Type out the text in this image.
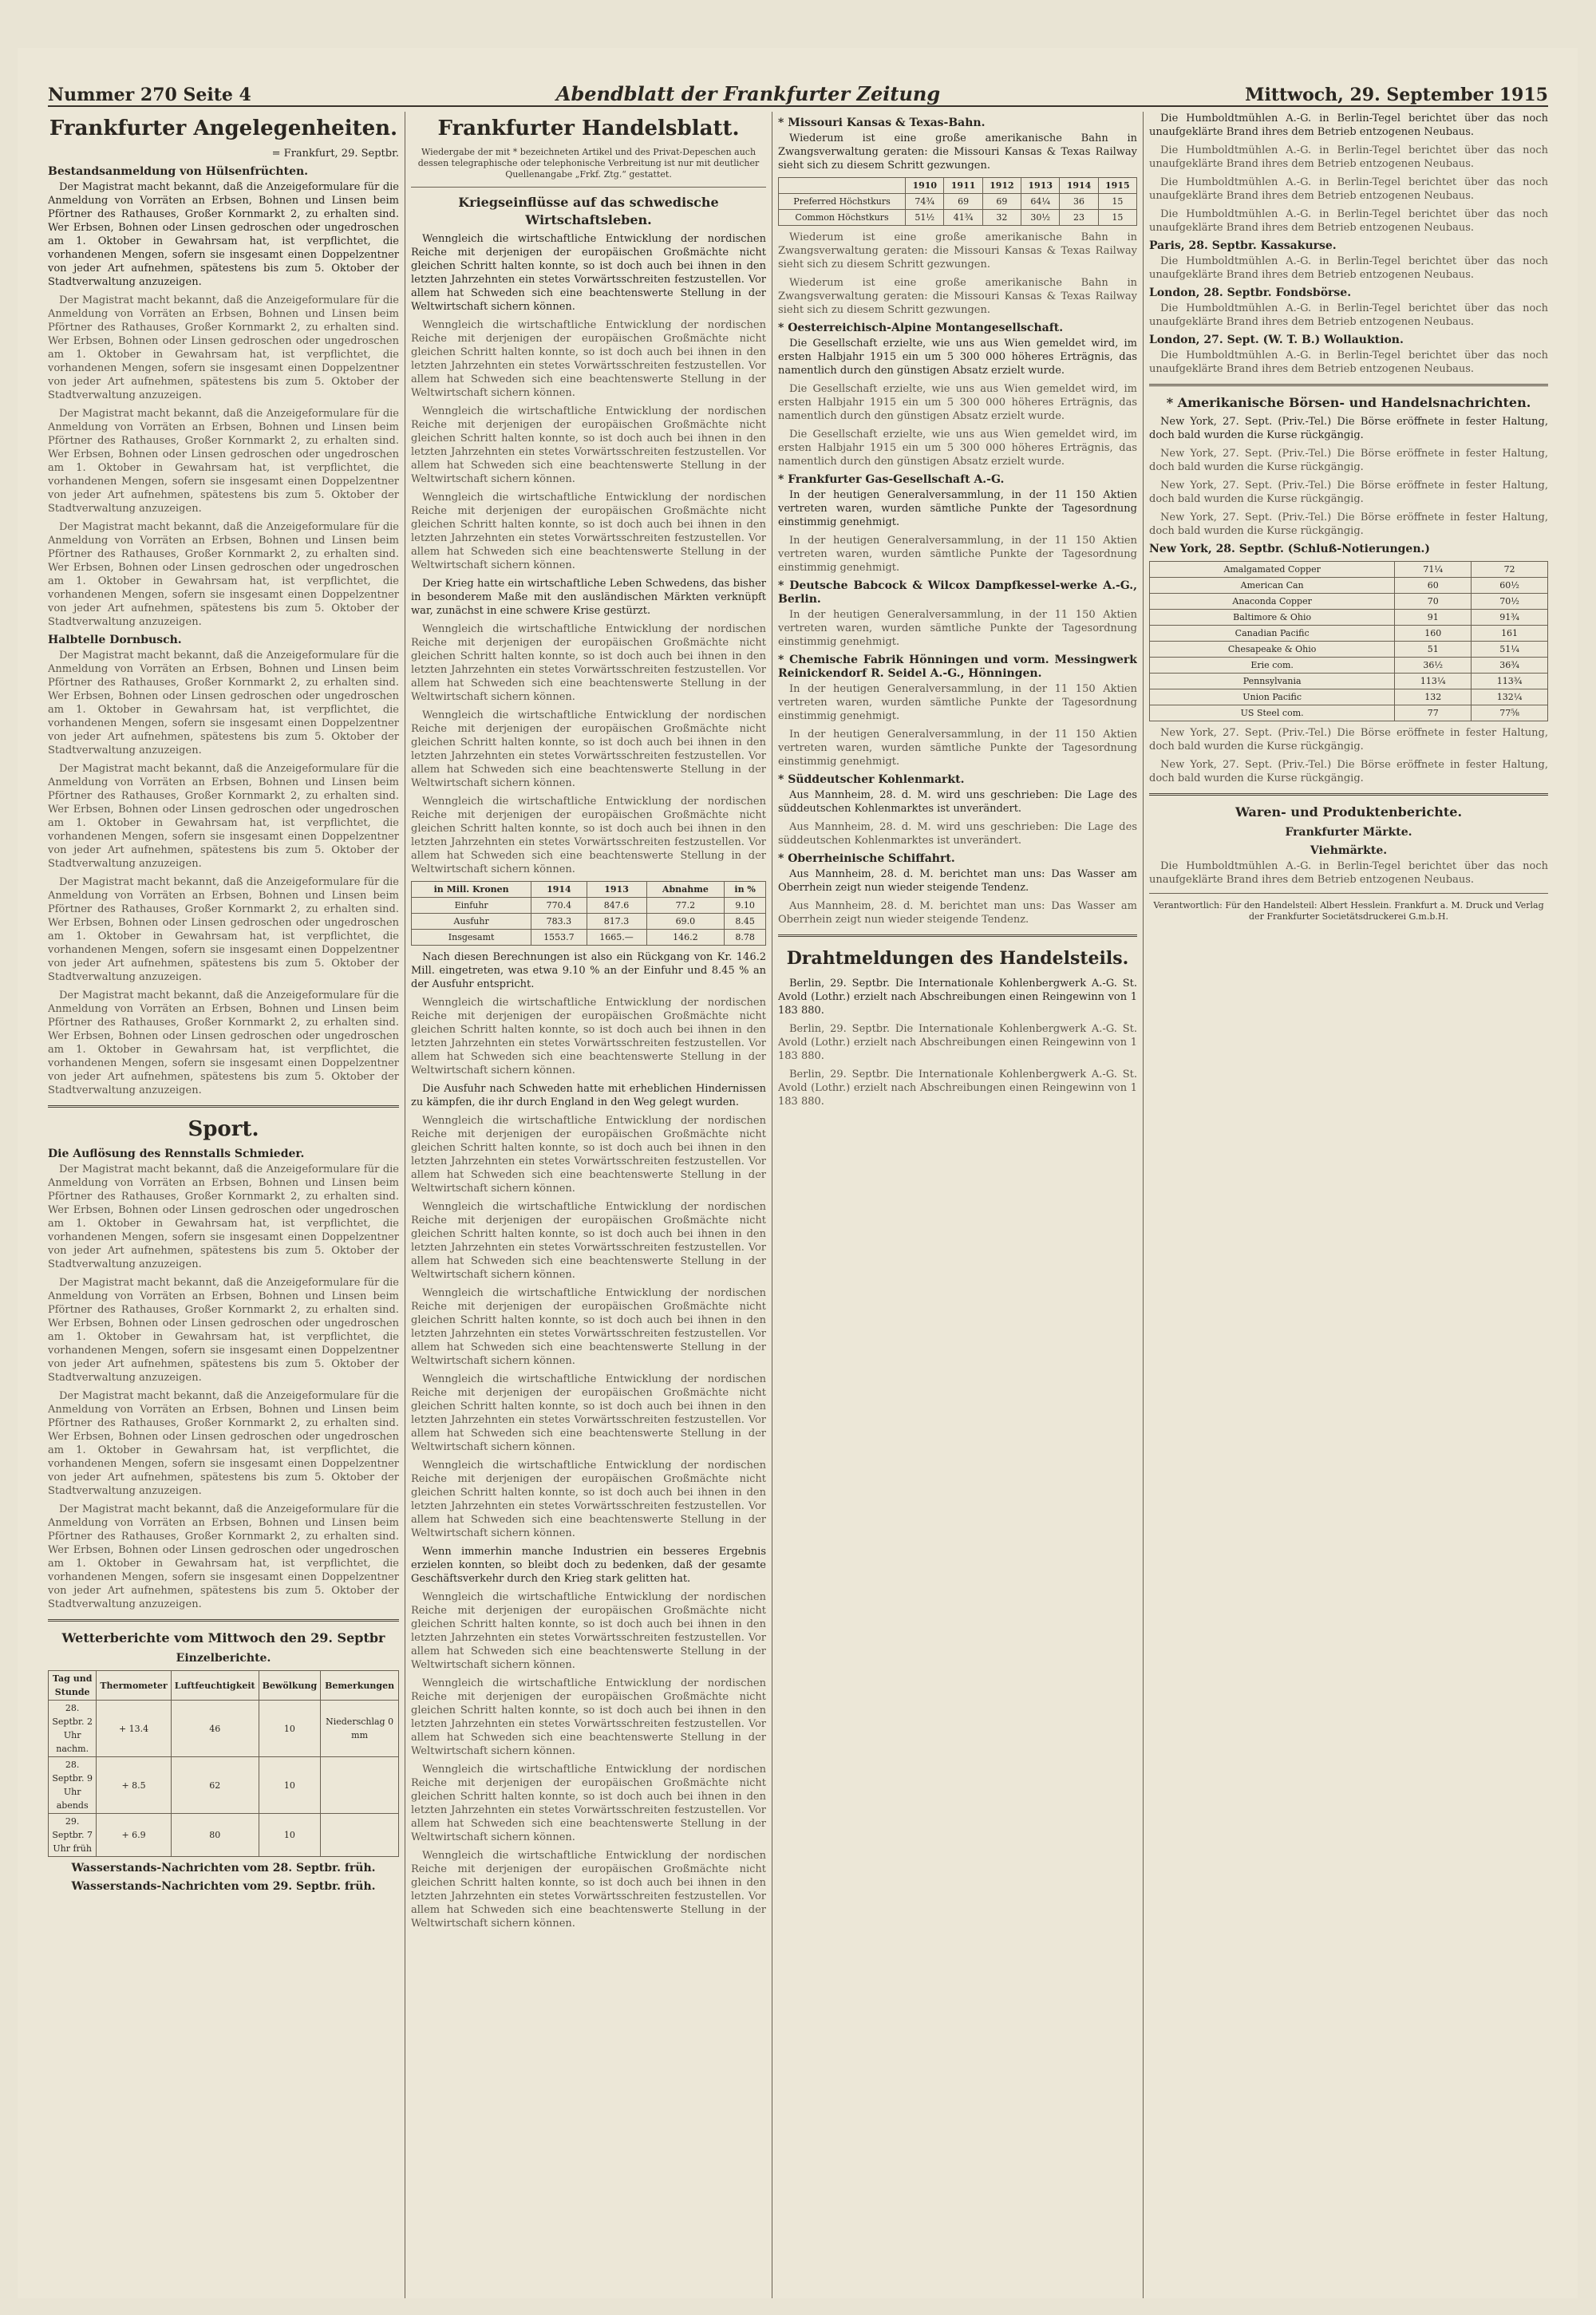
Nummer 270 Seite 4	Abendblatt der Frankfurter Zeitung	Mittwoch, 29. September 1915
Frankfurter Angelegenheiten.
= Frankfurt, 29. Septbr.
Bestandsanmeldung von Hülsenfrüchten.

Der Magistrat macht bekannt, daß die Anzeigeformulare für die Anmeldung von Vorräten an Erbsen, Bohnen und Linsen beim Pförtner des Rathauses, Großer Kornmarkt 2, zu erhalten sind. Wer Erbsen, Bohnen oder Linsen gedroschen oder ungedroschen am 1. Oktober in Gewahrsam hat, ist verpflichtet, die vorhandenen Mengen, sofern sie insgesamt einen Doppelzentner von jeder Art aufnehmen, spätestens bis zum 5. Oktober der Stadtverwaltung anzuzeigen.

Der Magistrat macht bekannt, daß die Anzeigeformulare für die Anmeldung von Vorräten an Erbsen, Bohnen und Linsen beim Pförtner des Rathauses, Großer Kornmarkt 2, zu erhalten sind. Wer Erbsen, Bohnen oder Linsen gedroschen oder ungedroschen am 1. Oktober in Gewahrsam hat, ist verpflichtet, die vorhandenen Mengen, sofern sie insgesamt einen Doppelzentner von jeder Art aufnehmen, spätestens bis zum 5. Oktober der Stadtverwaltung anzuzeigen.

Der Magistrat macht bekannt, daß die Anzeigeformulare für die Anmeldung von Vorräten an Erbsen, Bohnen und Linsen beim Pförtner des Rathauses, Großer Kornmarkt 2, zu erhalten sind. Wer Erbsen, Bohnen oder Linsen gedroschen oder ungedroschen am 1. Oktober in Gewahrsam hat, ist verpflichtet, die vorhandenen Mengen, sofern sie insgesamt einen Doppelzentner von jeder Art aufnehmen, spätestens bis zum 5. Oktober der Stadtverwaltung anzuzeigen.

Der Magistrat macht bekannt, daß die Anzeigeformulare für die Anmeldung von Vorräten an Erbsen, Bohnen und Linsen beim Pförtner des Rathauses, Großer Kornmarkt 2, zu erhalten sind. Wer Erbsen, Bohnen oder Linsen gedroschen oder ungedroschen am 1. Oktober in Gewahrsam hat, ist verpflichtet, die vorhandenen Mengen, sofern sie insgesamt einen Doppelzentner von jeder Art aufnehmen, spätestens bis zum 5. Oktober der Stadtverwaltung anzuzeigen.

Halbtelle Dornbusch.

Der Magistrat macht bekannt, daß die Anzeigeformulare für die Anmeldung von Vorräten an Erbsen, Bohnen und Linsen beim Pförtner des Rathauses, Großer Kornmarkt 2, zu erhalten sind. Wer Erbsen, Bohnen oder Linsen gedroschen oder ungedroschen am 1. Oktober in Gewahrsam hat, ist verpflichtet, die vorhandenen Mengen, sofern sie insgesamt einen Doppelzentner von jeder Art aufnehmen, spätestens bis zum 5. Oktober der Stadtverwaltung anzuzeigen.

Der Magistrat macht bekannt, daß die Anzeigeformulare für die Anmeldung von Vorräten an Erbsen, Bohnen und Linsen beim Pförtner des Rathauses, Großer Kornmarkt 2, zu erhalten sind. Wer Erbsen, Bohnen oder Linsen gedroschen oder ungedroschen am 1. Oktober in Gewahrsam hat, ist verpflichtet, die vorhandenen Mengen, sofern sie insgesamt einen Doppelzentner von jeder Art aufnehmen, spätestens bis zum 5. Oktober der Stadtverwaltung anzuzeigen.

Der Magistrat macht bekannt, daß die Anzeigeformulare für die Anmeldung von Vorräten an Erbsen, Bohnen und Linsen beim Pförtner des Rathauses, Großer Kornmarkt 2, zu erhalten sind. Wer Erbsen, Bohnen oder Linsen gedroschen oder ungedroschen am 1. Oktober in Gewahrsam hat, ist verpflichtet, die vorhandenen Mengen, sofern sie insgesamt einen Doppelzentner von jeder Art aufnehmen, spätestens bis zum 5. Oktober der Stadtverwaltung anzuzeigen.

Der Magistrat macht bekannt, daß die Anzeigeformulare für die Anmeldung von Vorräten an Erbsen, Bohnen und Linsen beim Pförtner des Rathauses, Großer Kornmarkt 2, zu erhalten sind. Wer Erbsen, Bohnen oder Linsen gedroschen oder ungedroschen am 1. Oktober in Gewahrsam hat, ist verpflichtet, die vorhandenen Mengen, sofern sie insgesamt einen Doppelzentner von jeder Art aufnehmen, spätestens bis zum 5. Oktober der Stadtverwaltung anzuzeigen.

Sport.
Die Auflösung des Rennstalls Schmieder.

Der Magistrat macht bekannt, daß die Anzeigeformulare für die Anmeldung von Vorräten an Erbsen, Bohnen und Linsen beim Pförtner des Rathauses, Großer Kornmarkt 2, zu erhalten sind. Wer Erbsen, Bohnen oder Linsen gedroschen oder ungedroschen am 1. Oktober in Gewahrsam hat, ist verpflichtet, die vorhandenen Mengen, sofern sie insgesamt einen Doppelzentner von jeder Art aufnehmen, spätestens bis zum 5. Oktober der Stadtverwaltung anzuzeigen.

Der Magistrat macht bekannt, daß die Anzeigeformulare für die Anmeldung von Vorräten an Erbsen, Bohnen und Linsen beim Pförtner des Rathauses, Großer Kornmarkt 2, zu erhalten sind. Wer Erbsen, Bohnen oder Linsen gedroschen oder ungedroschen am 1. Oktober in Gewahrsam hat, ist verpflichtet, die vorhandenen Mengen, sofern sie insgesamt einen Doppelzentner von jeder Art aufnehmen, spätestens bis zum 5. Oktober der Stadtverwaltung anzuzeigen.

Der Magistrat macht bekannt, daß die Anzeigeformulare für die Anmeldung von Vorräten an Erbsen, Bohnen und Linsen beim Pförtner des Rathauses, Großer Kornmarkt 2, zu erhalten sind. Wer Erbsen, Bohnen oder Linsen gedroschen oder ungedroschen am 1. Oktober in Gewahrsam hat, ist verpflichtet, die vorhandenen Mengen, sofern sie insgesamt einen Doppelzentner von jeder Art aufnehmen, spätestens bis zum 5. Oktober der Stadtverwaltung anzuzeigen.

Der Magistrat macht bekannt, daß die Anzeigeformulare für die Anmeldung von Vorräten an Erbsen, Bohnen und Linsen beim Pförtner des Rathauses, Großer Kornmarkt 2, zu erhalten sind. Wer Erbsen, Bohnen oder Linsen gedroschen oder ungedroschen am 1. Oktober in Gewahrsam hat, ist verpflichtet, die vorhandenen Mengen, sofern sie insgesamt einen Doppelzentner von jeder Art aufnehmen, spätestens bis zum 5. Oktober der Stadtverwaltung anzuzeigen.

Wetterberichte vom Mittwoch den 29. Septbr
Einzelberichte.
Tag und Stunde	Thermometer	Luftfeuchtigkeit	Bewölkung	Bemerkungen
28. Septbr. 2 Uhr nachm.	+ 13.4	46	10	Niederschlag 0 mm
28. Septbr. 9 Uhr abends	+ 8.5	62	10	
29. Septbr. 7 Uhr früh	+ 6.9	80	10	
Wasserstands-Nachrichten vom 28. Septbr. früh.
Wasserstands-Nachrichten vom 29. Septbr. früh.
Frankfurter Handelsblatt.
Wiedergabe der mit * bezeichneten Artikel und des Privat-Depeschen auch dessen telegraphische oder telephonische Verbreitung ist nur mit deutlicher Quellenangabe „Frkf. Ztg.“ gestattet.
Kriegseinflüsse auf das schwedische Wirtschaftsleben.

Wenngleich die wirtschaftliche Entwicklung der nordischen Reiche mit derjenigen der europäischen Großmächte nicht gleichen Schritt halten konnte, so ist doch auch bei ihnen in den letzten Jahrzehnten ein stetes Vorwärtsschreiten festzustellen. Vor allem hat Schweden sich eine beachtenswerte Stellung in der Weltwirtschaft sichern können.

Wenngleich die wirtschaftliche Entwicklung der nordischen Reiche mit derjenigen der europäischen Großmächte nicht gleichen Schritt halten konnte, so ist doch auch bei ihnen in den letzten Jahrzehnten ein stetes Vorwärtsschreiten festzustellen. Vor allem hat Schweden sich eine beachtenswerte Stellung in der Weltwirtschaft sichern können.

Wenngleich die wirtschaftliche Entwicklung der nordischen Reiche mit derjenigen der europäischen Großmächte nicht gleichen Schritt halten konnte, so ist doch auch bei ihnen in den letzten Jahrzehnten ein stetes Vorwärtsschreiten festzustellen. Vor allem hat Schweden sich eine beachtenswerte Stellung in der Weltwirtschaft sichern können.

Wenngleich die wirtschaftliche Entwicklung der nordischen Reiche mit derjenigen der europäischen Großmächte nicht gleichen Schritt halten konnte, so ist doch auch bei ihnen in den letzten Jahrzehnten ein stetes Vorwärtsschreiten festzustellen. Vor allem hat Schweden sich eine beachtenswerte Stellung in der Weltwirtschaft sichern können.

Der Krieg hatte ein wirtschaftliche Leben Schwedens, das bisher in besonderem Maße mit den ausländischen Märkten verknüpft war, zunächst in eine schwere Krise gestürzt.

Wenngleich die wirtschaftliche Entwicklung der nordischen Reiche mit derjenigen der europäischen Großmächte nicht gleichen Schritt halten konnte, so ist doch auch bei ihnen in den letzten Jahrzehnten ein stetes Vorwärtsschreiten festzustellen. Vor allem hat Schweden sich eine beachtenswerte Stellung in der Weltwirtschaft sichern können.

Wenngleich die wirtschaftliche Entwicklung der nordischen Reiche mit derjenigen der europäischen Großmächte nicht gleichen Schritt halten konnte, so ist doch auch bei ihnen in den letzten Jahrzehnten ein stetes Vorwärtsschreiten festzustellen. Vor allem hat Schweden sich eine beachtenswerte Stellung in der Weltwirtschaft sichern können.

Wenngleich die wirtschaftliche Entwicklung der nordischen Reiche mit derjenigen der europäischen Großmächte nicht gleichen Schritt halten konnte, so ist doch auch bei ihnen in den letzten Jahrzehnten ein stetes Vorwärtsschreiten festzustellen. Vor allem hat Schweden sich eine beachtenswerte Stellung in der Weltwirtschaft sichern können.

in Mill. Kronen	1914	1913	Abnahme	in %
Einfuhr	770.4	847.6	77.2	9.10
Ausfuhr	783.3	817.3	69.0	8.45
Insgesamt	1553.7	1665.—	146.2	8.78

Nach diesen Berechnungen ist also ein Rückgang von Kr. 146.2 Mill. eingetreten, was etwa 9.10 % an der Einfuhr und 8.45 % an der Ausfuhr entspricht.

Wenngleich die wirtschaftliche Entwicklung der nordischen Reiche mit derjenigen der europäischen Großmächte nicht gleichen Schritt halten konnte, so ist doch auch bei ihnen in den letzten Jahrzehnten ein stetes Vorwärtsschreiten festzustellen. Vor allem hat Schweden sich eine beachtenswerte Stellung in der Weltwirtschaft sichern können.

Die Ausfuhr nach Schweden hatte mit erheblichen Hindernissen zu kämpfen, die ihr durch England in den Weg gelegt wurden.

Wenngleich die wirtschaftliche Entwicklung der nordischen Reiche mit derjenigen der europäischen Großmächte nicht gleichen Schritt halten konnte, so ist doch auch bei ihnen in den letzten Jahrzehnten ein stetes Vorwärtsschreiten festzustellen. Vor allem hat Schweden sich eine beachtenswerte Stellung in der Weltwirtschaft sichern können.

Wenngleich die wirtschaftliche Entwicklung der nordischen Reiche mit derjenigen der europäischen Großmächte nicht gleichen Schritt halten konnte, so ist doch auch bei ihnen in den letzten Jahrzehnten ein stetes Vorwärtsschreiten festzustellen. Vor allem hat Schweden sich eine beachtenswerte Stellung in der Weltwirtschaft sichern können.

Wenngleich die wirtschaftliche Entwicklung der nordischen Reiche mit derjenigen der europäischen Großmächte nicht gleichen Schritt halten konnte, so ist doch auch bei ihnen in den letzten Jahrzehnten ein stetes Vorwärtsschreiten festzustellen. Vor allem hat Schweden sich eine beachtenswerte Stellung in der Weltwirtschaft sichern können.

Wenngleich die wirtschaftliche Entwicklung der nordischen Reiche mit derjenigen der europäischen Großmächte nicht gleichen Schritt halten konnte, so ist doch auch bei ihnen in den letzten Jahrzehnten ein stetes Vorwärtsschreiten festzustellen. Vor allem hat Schweden sich eine beachtenswerte Stellung in der Weltwirtschaft sichern können.

Wenngleich die wirtschaftliche Entwicklung der nordischen Reiche mit derjenigen der europäischen Großmächte nicht gleichen Schritt halten konnte, so ist doch auch bei ihnen in den letzten Jahrzehnten ein stetes Vorwärtsschreiten festzustellen. Vor allem hat Schweden sich eine beachtenswerte Stellung in der Weltwirtschaft sichern können.

Wenn immerhin manche Industrien ein besseres Ergebnis erzielen konnten, so bleibt doch zu bedenken, daß der gesamte Geschäftsverkehr durch den Krieg stark gelitten hat.

Wenngleich die wirtschaftliche Entwicklung der nordischen Reiche mit derjenigen der europäischen Großmächte nicht gleichen Schritt halten konnte, so ist doch auch bei ihnen in den letzten Jahrzehnten ein stetes Vorwärtsschreiten festzustellen. Vor allem hat Schweden sich eine beachtenswerte Stellung in der Weltwirtschaft sichern können.

Wenngleich die wirtschaftliche Entwicklung der nordischen Reiche mit derjenigen der europäischen Großmächte nicht gleichen Schritt halten konnte, so ist doch auch bei ihnen in den letzten Jahrzehnten ein stetes Vorwärtsschreiten festzustellen. Vor allem hat Schweden sich eine beachtenswerte Stellung in der Weltwirtschaft sichern können.

Wenngleich die wirtschaftliche Entwicklung der nordischen Reiche mit derjenigen der europäischen Großmächte nicht gleichen Schritt halten konnte, so ist doch auch bei ihnen in den letzten Jahrzehnten ein stetes Vorwärtsschreiten festzustellen. Vor allem hat Schweden sich eine beachtenswerte Stellung in der Weltwirtschaft sichern können.

Wenngleich die wirtschaftliche Entwicklung der nordischen Reiche mit derjenigen der europäischen Großmächte nicht gleichen Schritt halten konnte, so ist doch auch bei ihnen in den letzten Jahrzehnten ein stetes Vorwärtsschreiten festzustellen. Vor allem hat Schweden sich eine beachtenswerte Stellung in der Weltwirtschaft sichern können.

* Missouri Kansas & Texas-Bahn.

Wiederum ist eine große amerikanische Bahn in Zwangsverwaltung geraten: die Missouri Kansas & Texas Railway sieht sich zu diesem Schritt gezwungen.

	1910	1911	1912	1913	1914	1915
Preferred Höchstkurs	74¾	69	69	64¼	36	15
Common Höchstkurs	51½	41¾	32	30½	23	15

Wiederum ist eine große amerikanische Bahn in Zwangsverwaltung geraten: die Missouri Kansas & Texas Railway sieht sich zu diesem Schritt gezwungen.

Wiederum ist eine große amerikanische Bahn in Zwangsverwaltung geraten: die Missouri Kansas & Texas Railway sieht sich zu diesem Schritt gezwungen.

* Oesterreichisch-Alpine Montangesellschaft.

Die Gesellschaft erzielte, wie uns aus Wien gemeldet wird, im ersten Halbjahr 1915 ein um 5 300 000 höheres Erträgnis, das namentlich durch den günstigen Absatz erzielt wurde.

Die Gesellschaft erzielte, wie uns aus Wien gemeldet wird, im ersten Halbjahr 1915 ein um 5 300 000 höheres Erträgnis, das namentlich durch den günstigen Absatz erzielt wurde.

Die Gesellschaft erzielte, wie uns aus Wien gemeldet wird, im ersten Halbjahr 1915 ein um 5 300 000 höheres Erträgnis, das namentlich durch den günstigen Absatz erzielt wurde.

* Frankfurter Gas-Gesellschaft A.-G.

In der heutigen Generalversammlung, in der 11 150 Aktien vertreten waren, wurden sämtliche Punkte der Tagesordnung einstimmig genehmigt.

In der heutigen Generalversammlung, in der 11 150 Aktien vertreten waren, wurden sämtliche Punkte der Tagesordnung einstimmig genehmigt.

* Deutsche Babcock & Wilcox Dampfkessel-werke A.-G., Berlin.

In der heutigen Generalversammlung, in der 11 150 Aktien vertreten waren, wurden sämtliche Punkte der Tagesordnung einstimmig genehmigt.

* Chemische Fabrik Hönningen und vorm. Messingwerk Reinickendorf R. Seidel A.-G., Hönningen.

In der heutigen Generalversammlung, in der 11 150 Aktien vertreten waren, wurden sämtliche Punkte der Tagesordnung einstimmig genehmigt.

In der heutigen Generalversammlung, in der 11 150 Aktien vertreten waren, wurden sämtliche Punkte der Tagesordnung einstimmig genehmigt.

* Süddeutscher Kohlenmarkt.

Aus Mannheim, 28. d. M. wird uns geschrieben: Die Lage des süddeutschen Kohlenmarktes ist unverändert.

Aus Mannheim, 28. d. M. wird uns geschrieben: Die Lage des süddeutschen Kohlenmarktes ist unverändert.

* Oberrheinische Schiffahrt.

Aus Mannheim, 28. d. M. berichtet man uns: Das Wasser am Oberrhein zeigt nun wieder steigende Tendenz.

Aus Mannheim, 28. d. M. berichtet man uns: Das Wasser am Oberrhein zeigt nun wieder steigende Tendenz.

Drahtmeldungen des Handelsteils.

Berlin, 29. Septbr. Die Internationale Kohlenbergwerk A.-G. St. Avold (Lothr.) erzielt nach Abschreibungen einen Reingewinn von 1 183 880.

Berlin, 29. Septbr. Die Internationale Kohlenbergwerk A.-G. St. Avold (Lothr.) erzielt nach Abschreibungen einen Reingewinn von 1 183 880.

Berlin, 29. Septbr. Die Internationale Kohlenbergwerk A.-G. St. Avold (Lothr.) erzielt nach Abschreibungen einen Reingewinn von 1 183 880.

Die Humboldtmühlen A.-G. in Berlin-Tegel berichtet über das noch unaufgeklärte Brand ihres dem Betrieb entzogenen Neubaus.

Die Humboldtmühlen A.-G. in Berlin-Tegel berichtet über das noch unaufgeklärte Brand ihres dem Betrieb entzogenen Neubaus.

Die Humboldtmühlen A.-G. in Berlin-Tegel berichtet über das noch unaufgeklärte Brand ihres dem Betrieb entzogenen Neubaus.

Die Humboldtmühlen A.-G. in Berlin-Tegel berichtet über das noch unaufgeklärte Brand ihres dem Betrieb entzogenen Neubaus.

Paris, 28. Septbr. Kassakurse.

Die Humboldtmühlen A.-G. in Berlin-Tegel berichtet über das noch unaufgeklärte Brand ihres dem Betrieb entzogenen Neubaus.

London, 28. Septbr. Fondsbörse.

Die Humboldtmühlen A.-G. in Berlin-Tegel berichtet über das noch unaufgeklärte Brand ihres dem Betrieb entzogenen Neubaus.

London, 27. Sept. (W. T. B.) Wollauktion.

Die Humboldtmühlen A.-G. in Berlin-Tegel berichtet über das noch unaufgeklärte Brand ihres dem Betrieb entzogenen Neubaus.

* Amerikanische Börsen- und Handelsnachrichten.

New York, 27. Sept. (Priv.-Tel.) Die Börse eröffnete in fester Haltung, doch bald wurden die Kurse rückgängig.

New York, 27. Sept. (Priv.-Tel.) Die Börse eröffnete in fester Haltung, doch bald wurden die Kurse rückgängig.

New York, 27. Sept. (Priv.-Tel.) Die Börse eröffnete in fester Haltung, doch bald wurden die Kurse rückgängig.

New York, 27. Sept. (Priv.-Tel.) Die Börse eröffnete in fester Haltung, doch bald wurden die Kurse rückgängig.

New York, 28. Septbr. (Schluß-Notierungen.)
Amalgamated Copper	71¼	72
American Can	60	60½
Anaconda Copper	70	70½
Baltimore & Ohio	91	91¾
Canadian Pacific	160	161
Chesapeake & Ohio	51	51¼
Erie com.	36½	36¾
Pennsylvania	113¼	113¾
Union Pacific	132	132¼
US Steel com.	77	77⅝

New York, 27. Sept. (Priv.-Tel.) Die Börse eröffnete in fester Haltung, doch bald wurden die Kurse rückgängig.

New York, 27. Sept. (Priv.-Tel.) Die Börse eröffnete in fester Haltung, doch bald wurden die Kurse rückgängig.

Waren- und Produktenberichte.
Frankfurter Märkte.
Viehmärkte.

Die Humboldtmühlen A.-G. in Berlin-Tegel berichtet über das noch unaufgeklärte Brand ihres dem Betrieb entzogenen Neubaus.

Verantwortlich: Für den Handelsteil: Albert Hesslein. Frankfurt a. M. Druck und Verlag der Frankfurter Societätsdruckerei G.m.b.H.
